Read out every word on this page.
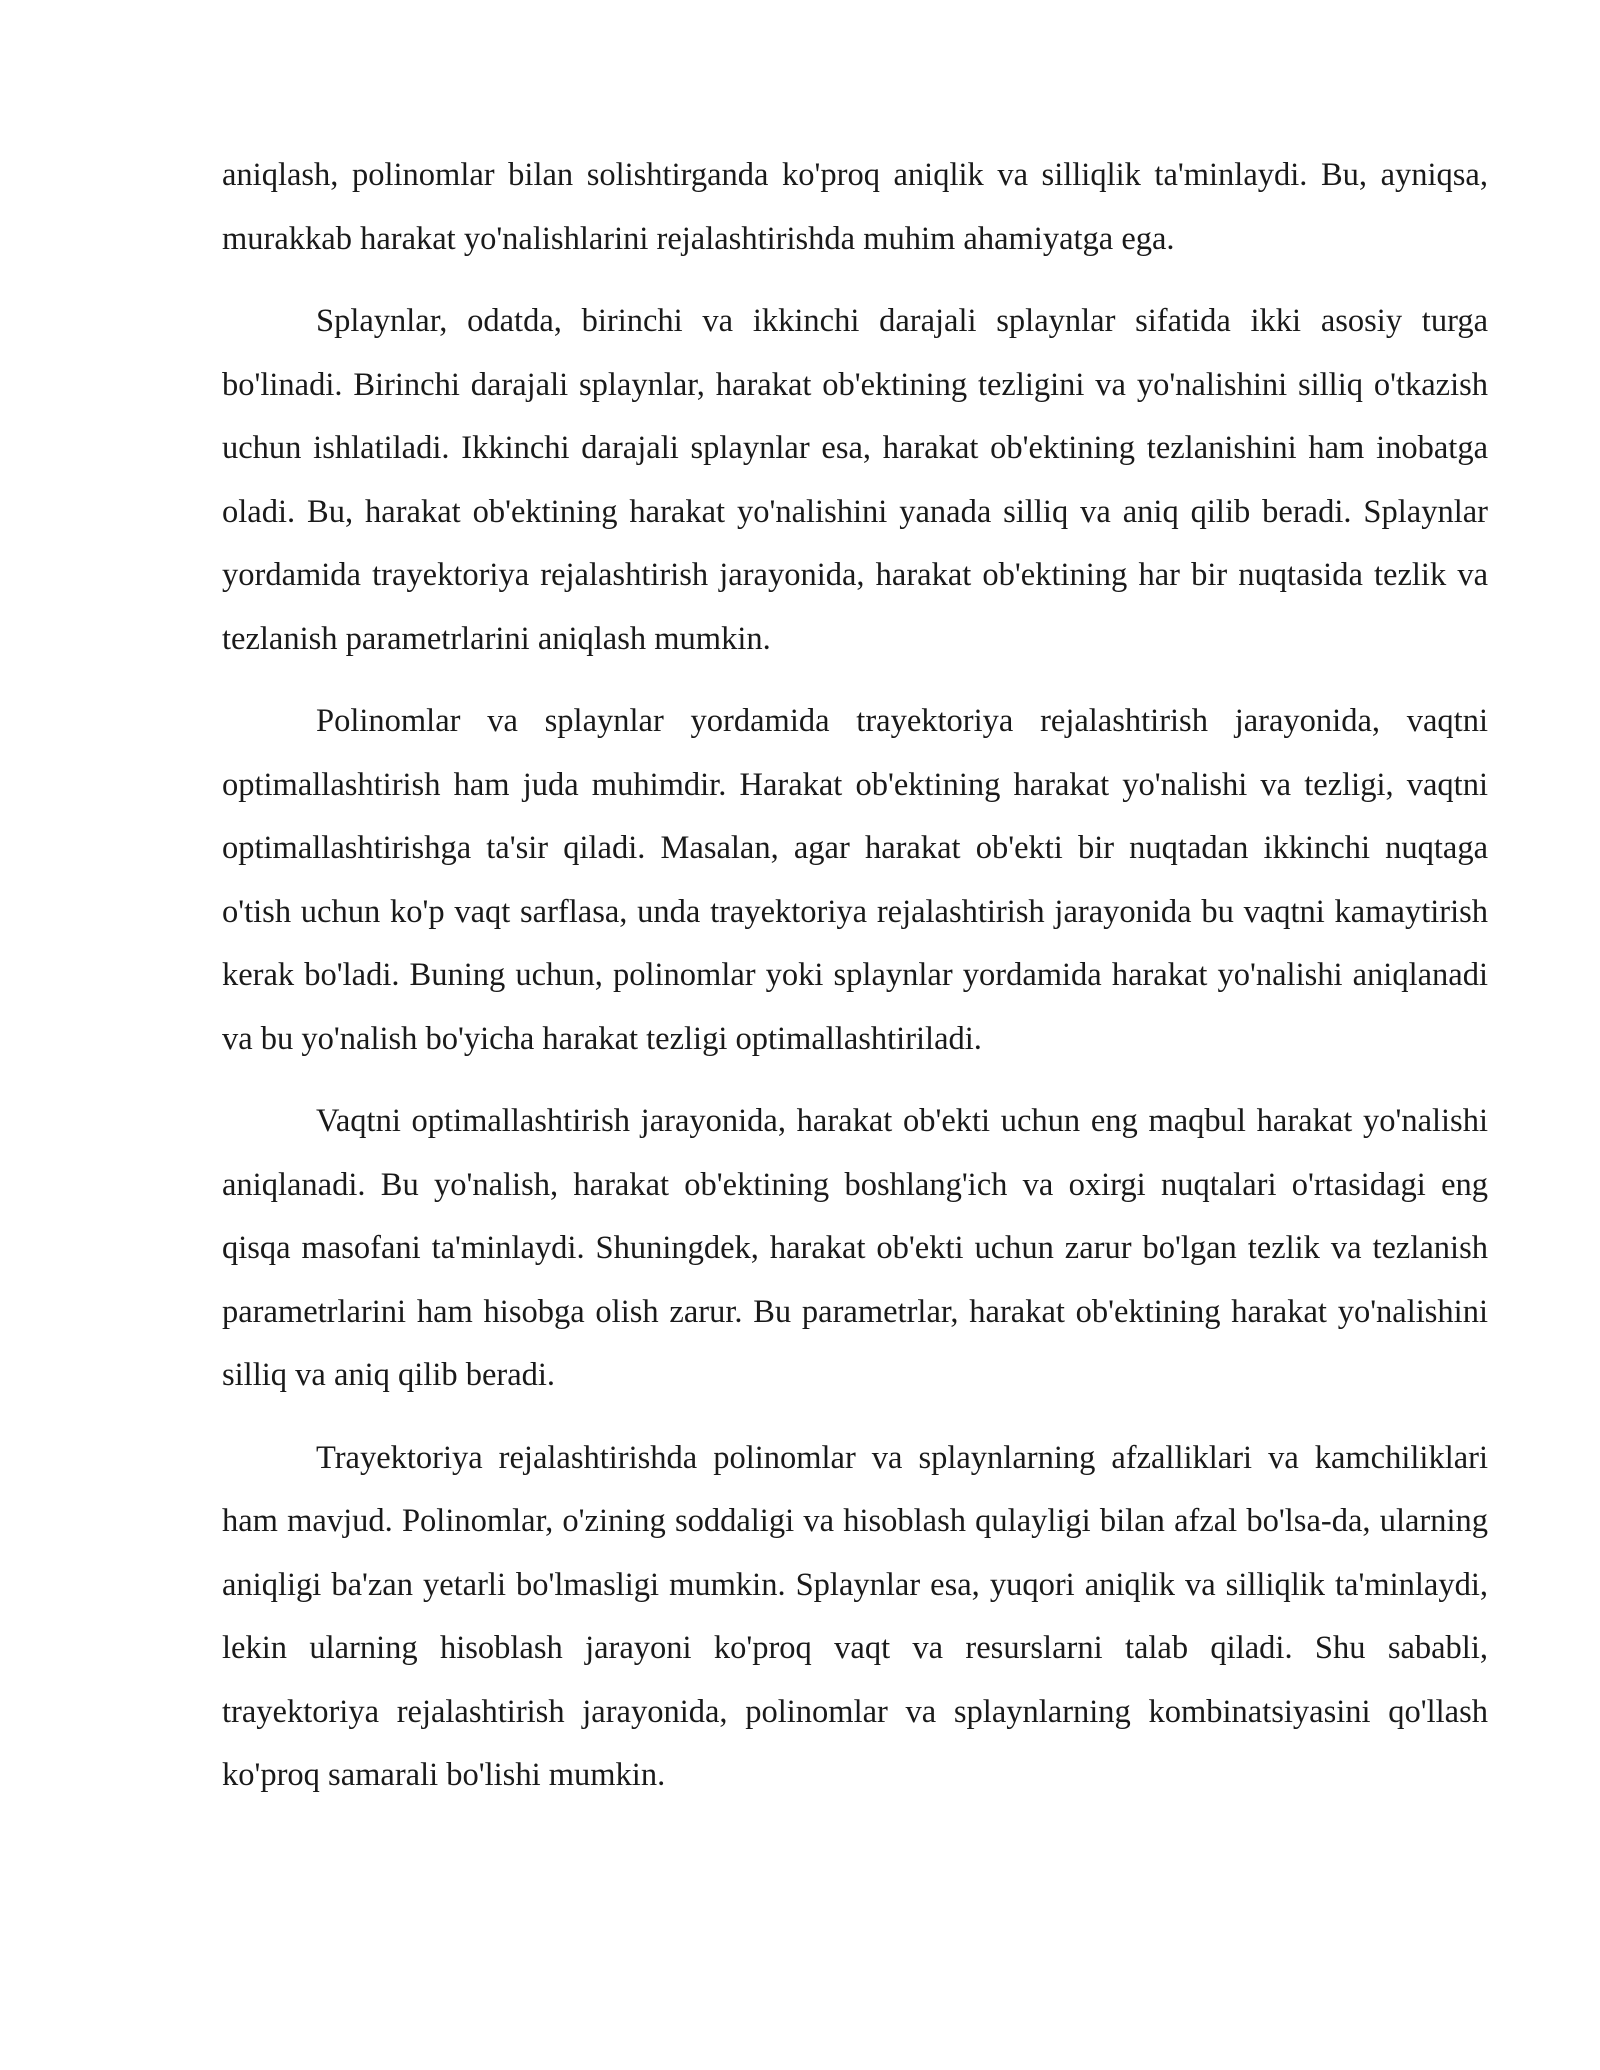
aniqlash, polinomlar bilan solishtirganda ko'proq aniqlik va silliqlik ta'minlaydi. Bu, ayniqsa, murakkab harakat yo'nalishlarini rejalashtirishda muhim ahamiyatga ega.

Splaynlar, odatda, birinchi va ikkinchi darajali splaynlar sifatida ikki asosiy turga bo'linadi. Birinchi darajali splaynlar, harakat ob'ektining tezligini va yo'nalishini silliq o'tkazish uchun ishlatiladi. Ikkinchi darajali splaynlar esa, harakat ob'ektining tezlanishini ham inobatga oladi. Bu, harakat ob'ektining harakat yo'nalishini yanada silliq va aniq qilib beradi. Splaynlar yordamida trayektoriya rejalashtirish jarayonida, harakat ob'ektining har bir nuqtasida tezlik va tezlanish parametrlarini aniqlash mumkin.

Polinomlar va splaynlar yordamida trayektoriya rejalashtirish jarayonida, vaqtni optimallashtirish ham juda muhimdir. Harakat ob'ektining harakat yo'nalishi va tezligi, vaqtni optimallashtirishga ta'sir qiladi. Masalan, agar harakat ob'ekti bir nuqtadan ikkinchi nuqtaga o'tish uchun ko'p vaqt sarflasa, unda trayektoriya rejalashtirish jarayonida bu vaqtni kamaytirish kerak bo'ladi. Buning uchun, polinomlar yoki splaynlar yordamida harakat yo'nalishi aniqlanadi va bu yo'nalish bo'yicha harakat tezligi optimallashtiriladi.

Vaqtni optimallashtirish jarayonida, harakat ob'ekti uchun eng maqbul harakat yo'nalishi aniqlanadi. Bu yo'nalish, harakat ob'ektining boshlang'ich va oxirgi nuqtalari o'rtasidagi eng qisqa masofani ta'minlaydi. Shuningdek, harakat ob'ekti uchun zarur bo'lgan tezlik va tezlanish parametrlarini ham hisobga olish zarur. Bu parametrlar, harakat ob'ektining harakat yo'nalishini silliq va aniq qilib beradi.

Trayektoriya rejalashtirishda polinomlar va splaynlarning afzalliklari va kamchiliklari ham mavjud. Polinomlar, o'zining soddaligi va hisoblash qulayligi bilan afzal bo'lsa-da, ularning aniqligi ba'zan yetarli bo'lmasligi mumkin. Splaynlar esa, yuqori aniqlik va silliqlik ta'minlaydi, lekin ularning hisoblash jarayoni ko'proq vaqt va resurslarni talab qiladi. Shu sababli, trayektoriya rejalashtirish jarayonida, polinomlar va splaynlarning kombinatsiyasini qo'llash ko'proq samarali bo'lishi mumkin.
